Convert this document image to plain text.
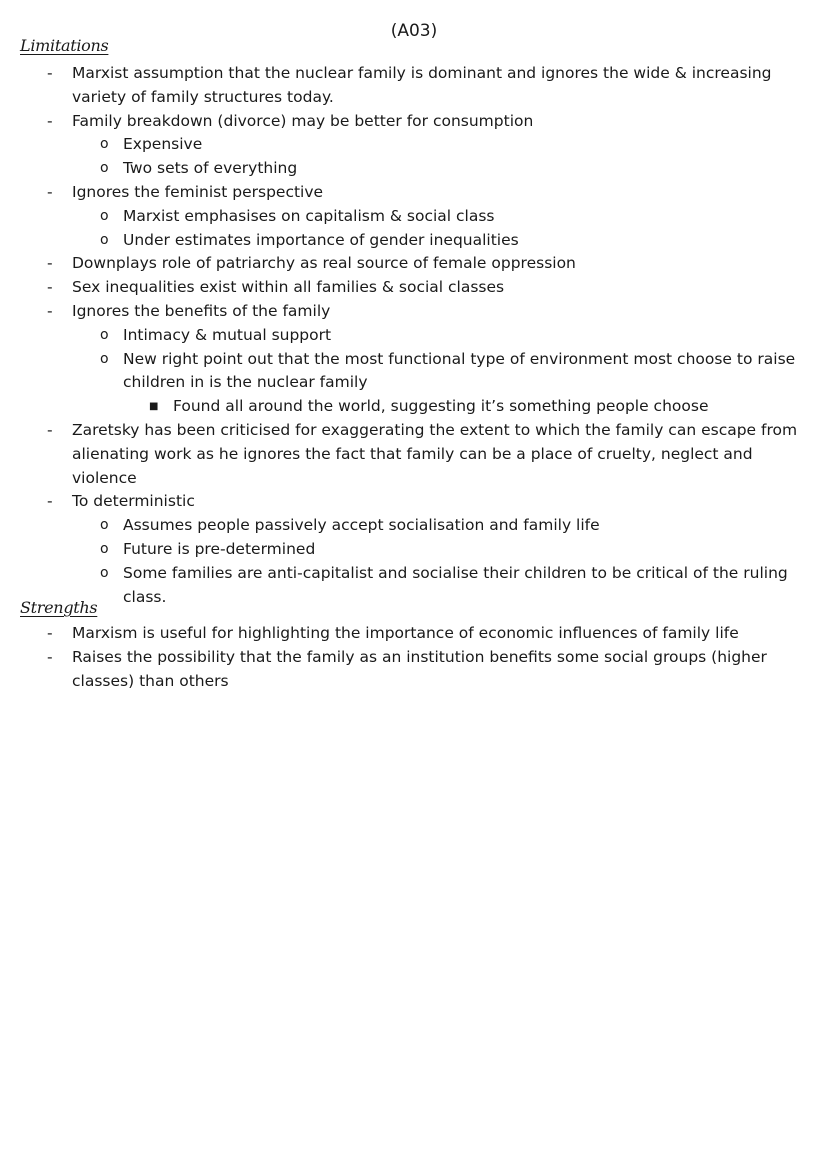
(A03)
Limitations
- Marxist assumption that the nuclear family is dominant and ignores the wide & increasing variety of family structures today.
- Family breakdown (divorce) may be better for consumption
o Expensive
o Two sets of everything
- Ignores the feminist perspective
o Marxist emphasises on capitalism & social class
o Under estimates importance of gender inequalities
- Downplays role of patriarchy as real source of female oppression
- Sex inequalities exist within all families & social classes
- Ignores the benefits of the family
o Intimacy & mutual support
o New right point out that the most functional type of environment most choose to raise children in is the nuclear family
■ Found all around the world, suggesting it’s something people choose
- Zaretsky has been criticised for exaggerating the extent to which the family can escape from alienating work as he ignores the fact that family can be a place of cruelty, neglect and violence
- To deterministic
o Assumes people passively accept socialisation and family life
o Future is pre-determined
o Some families are anti-capitalist and socialise their children to be critical of the ruling class.
Strengths
- Marxism is useful for highlighting the importance of economic influences of family life
- Raises the possibility that the family as an institution benefits some social groups (higher classes) than others
